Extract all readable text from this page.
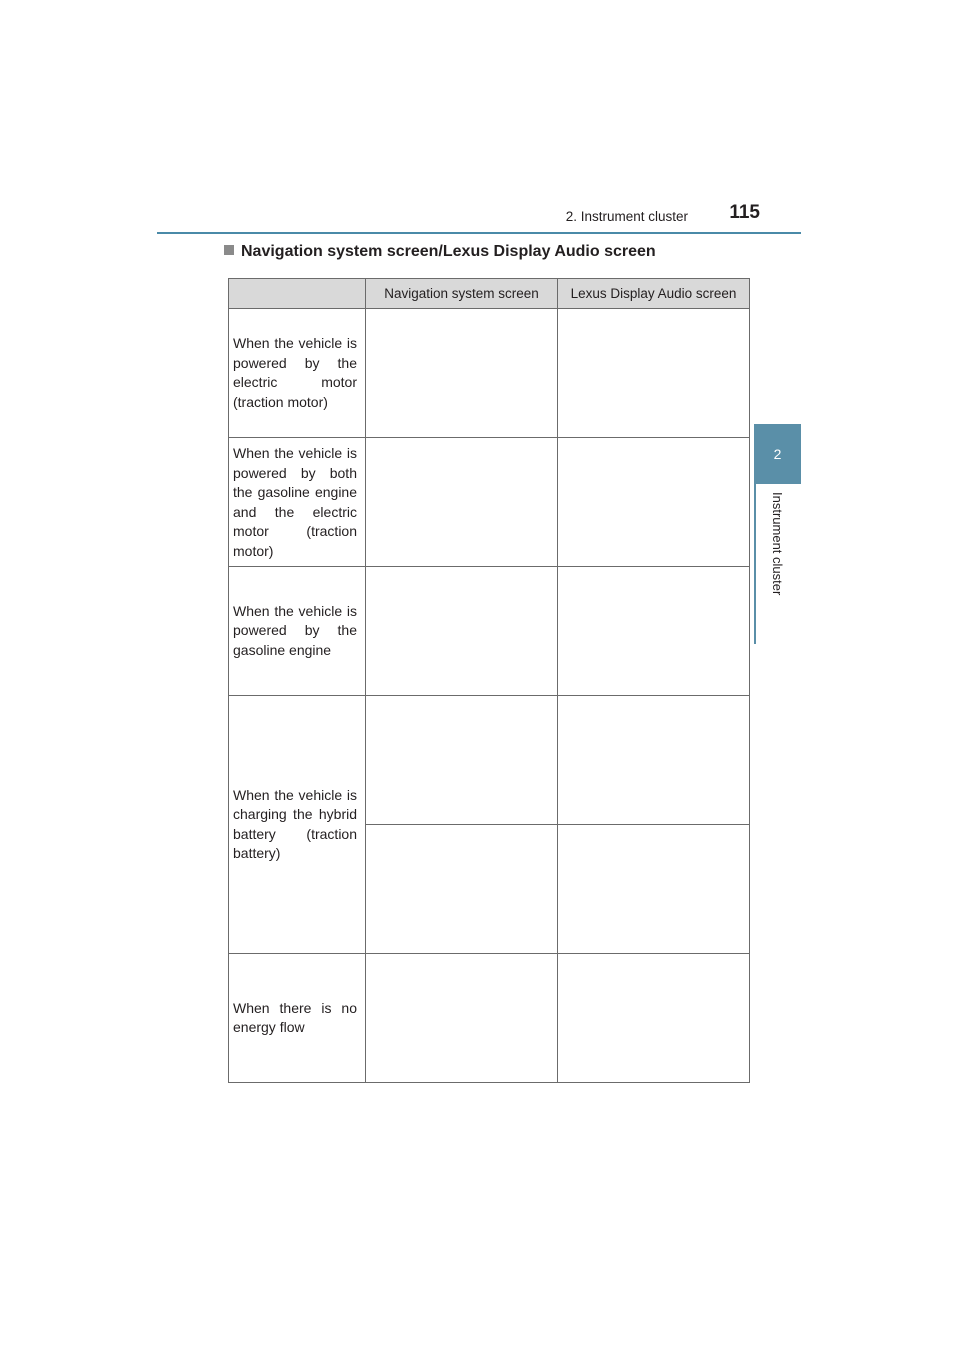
2. Instrument cluster	115
2
Instrument cluster
Navigation system screen/Lexus Display Audio screen
	Navigation system screen	Lexus Display Audio screen
When the vehicle is powered by the electric motor (traction motor)		
When the vehicle is powered by both the gasoline engine and the electric motor (traction motor)		
When the vehicle is powered by the gasoline engine		
When the vehicle is charging the hybrid battery (traction battery)		

When there is no energy flow		
